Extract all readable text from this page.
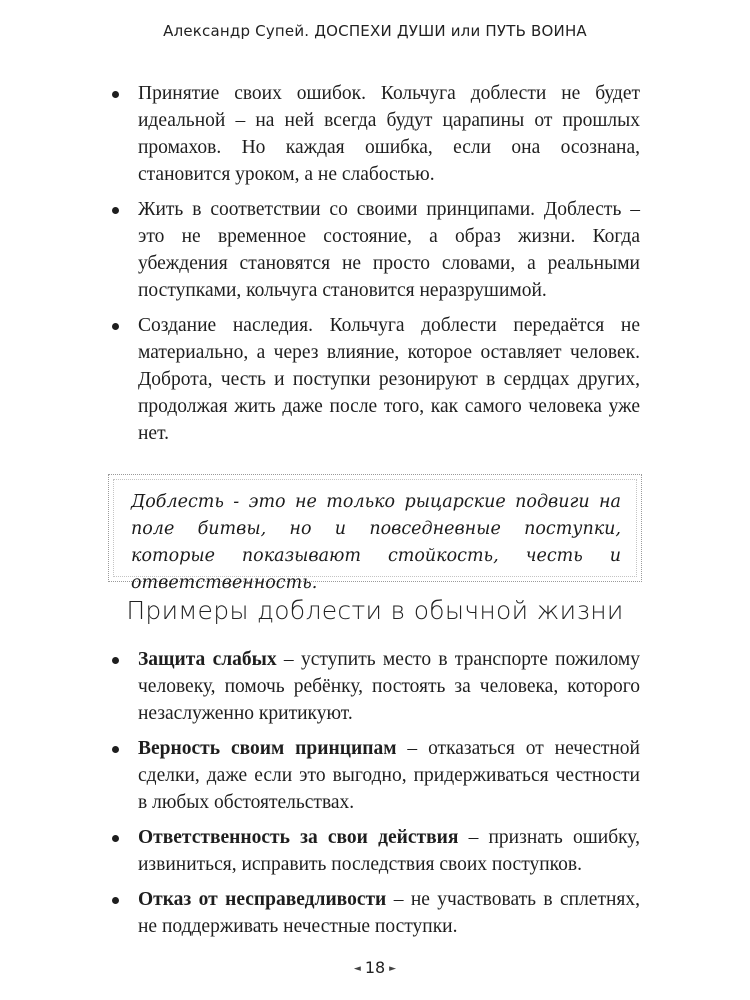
Александр Супей. ДОСПЕХИ ДУШИ или ПУТЬ ВОИНА
Принятие своих ошибок. Кольчуга доблести не будет идеальной – на ней всегда будут царапины от прошлых промахов. Но каждая ошибка, если она осознана, становится уроком, а не слабостью.
Жить в соответствии со своими принципами. Доблесть – это не временное состояние, а образ жизни. Когда убеждения становятся не просто словами, а реальными поступками, кольчуга становится неразрушимой.
Создание наследия. Кольчуга доблести передаётся не материально, а через влияние, которое оставляет человек. Доброта, честь и поступки резонируют в сердцах других, продолжая жить даже после того, как самого человека уже нет.
Доблесть - это не только рыцарские подвиги на поле битвы, но и повседневные поступки, которые показывают стойкость, честь и ответственность.
Примеры доблести в обычной жизни
Защита слабых – уступить место в транспорте пожилому человеку, помочь ребёнку, постоять за человека, которого незаслуженно критикуют.
Верность своим принципам – отказаться от нечестной сделки, даже если это выгодно, придерживаться честности в любых обстоятельствах.
Ответственность за свои действия – признать ошибку, извиниться, исправить последствия своих поступков.
Отказ от несправедливости – не участвовать в сплетнях, не поддерживать нечестные поступки.
◄ 18 ►
